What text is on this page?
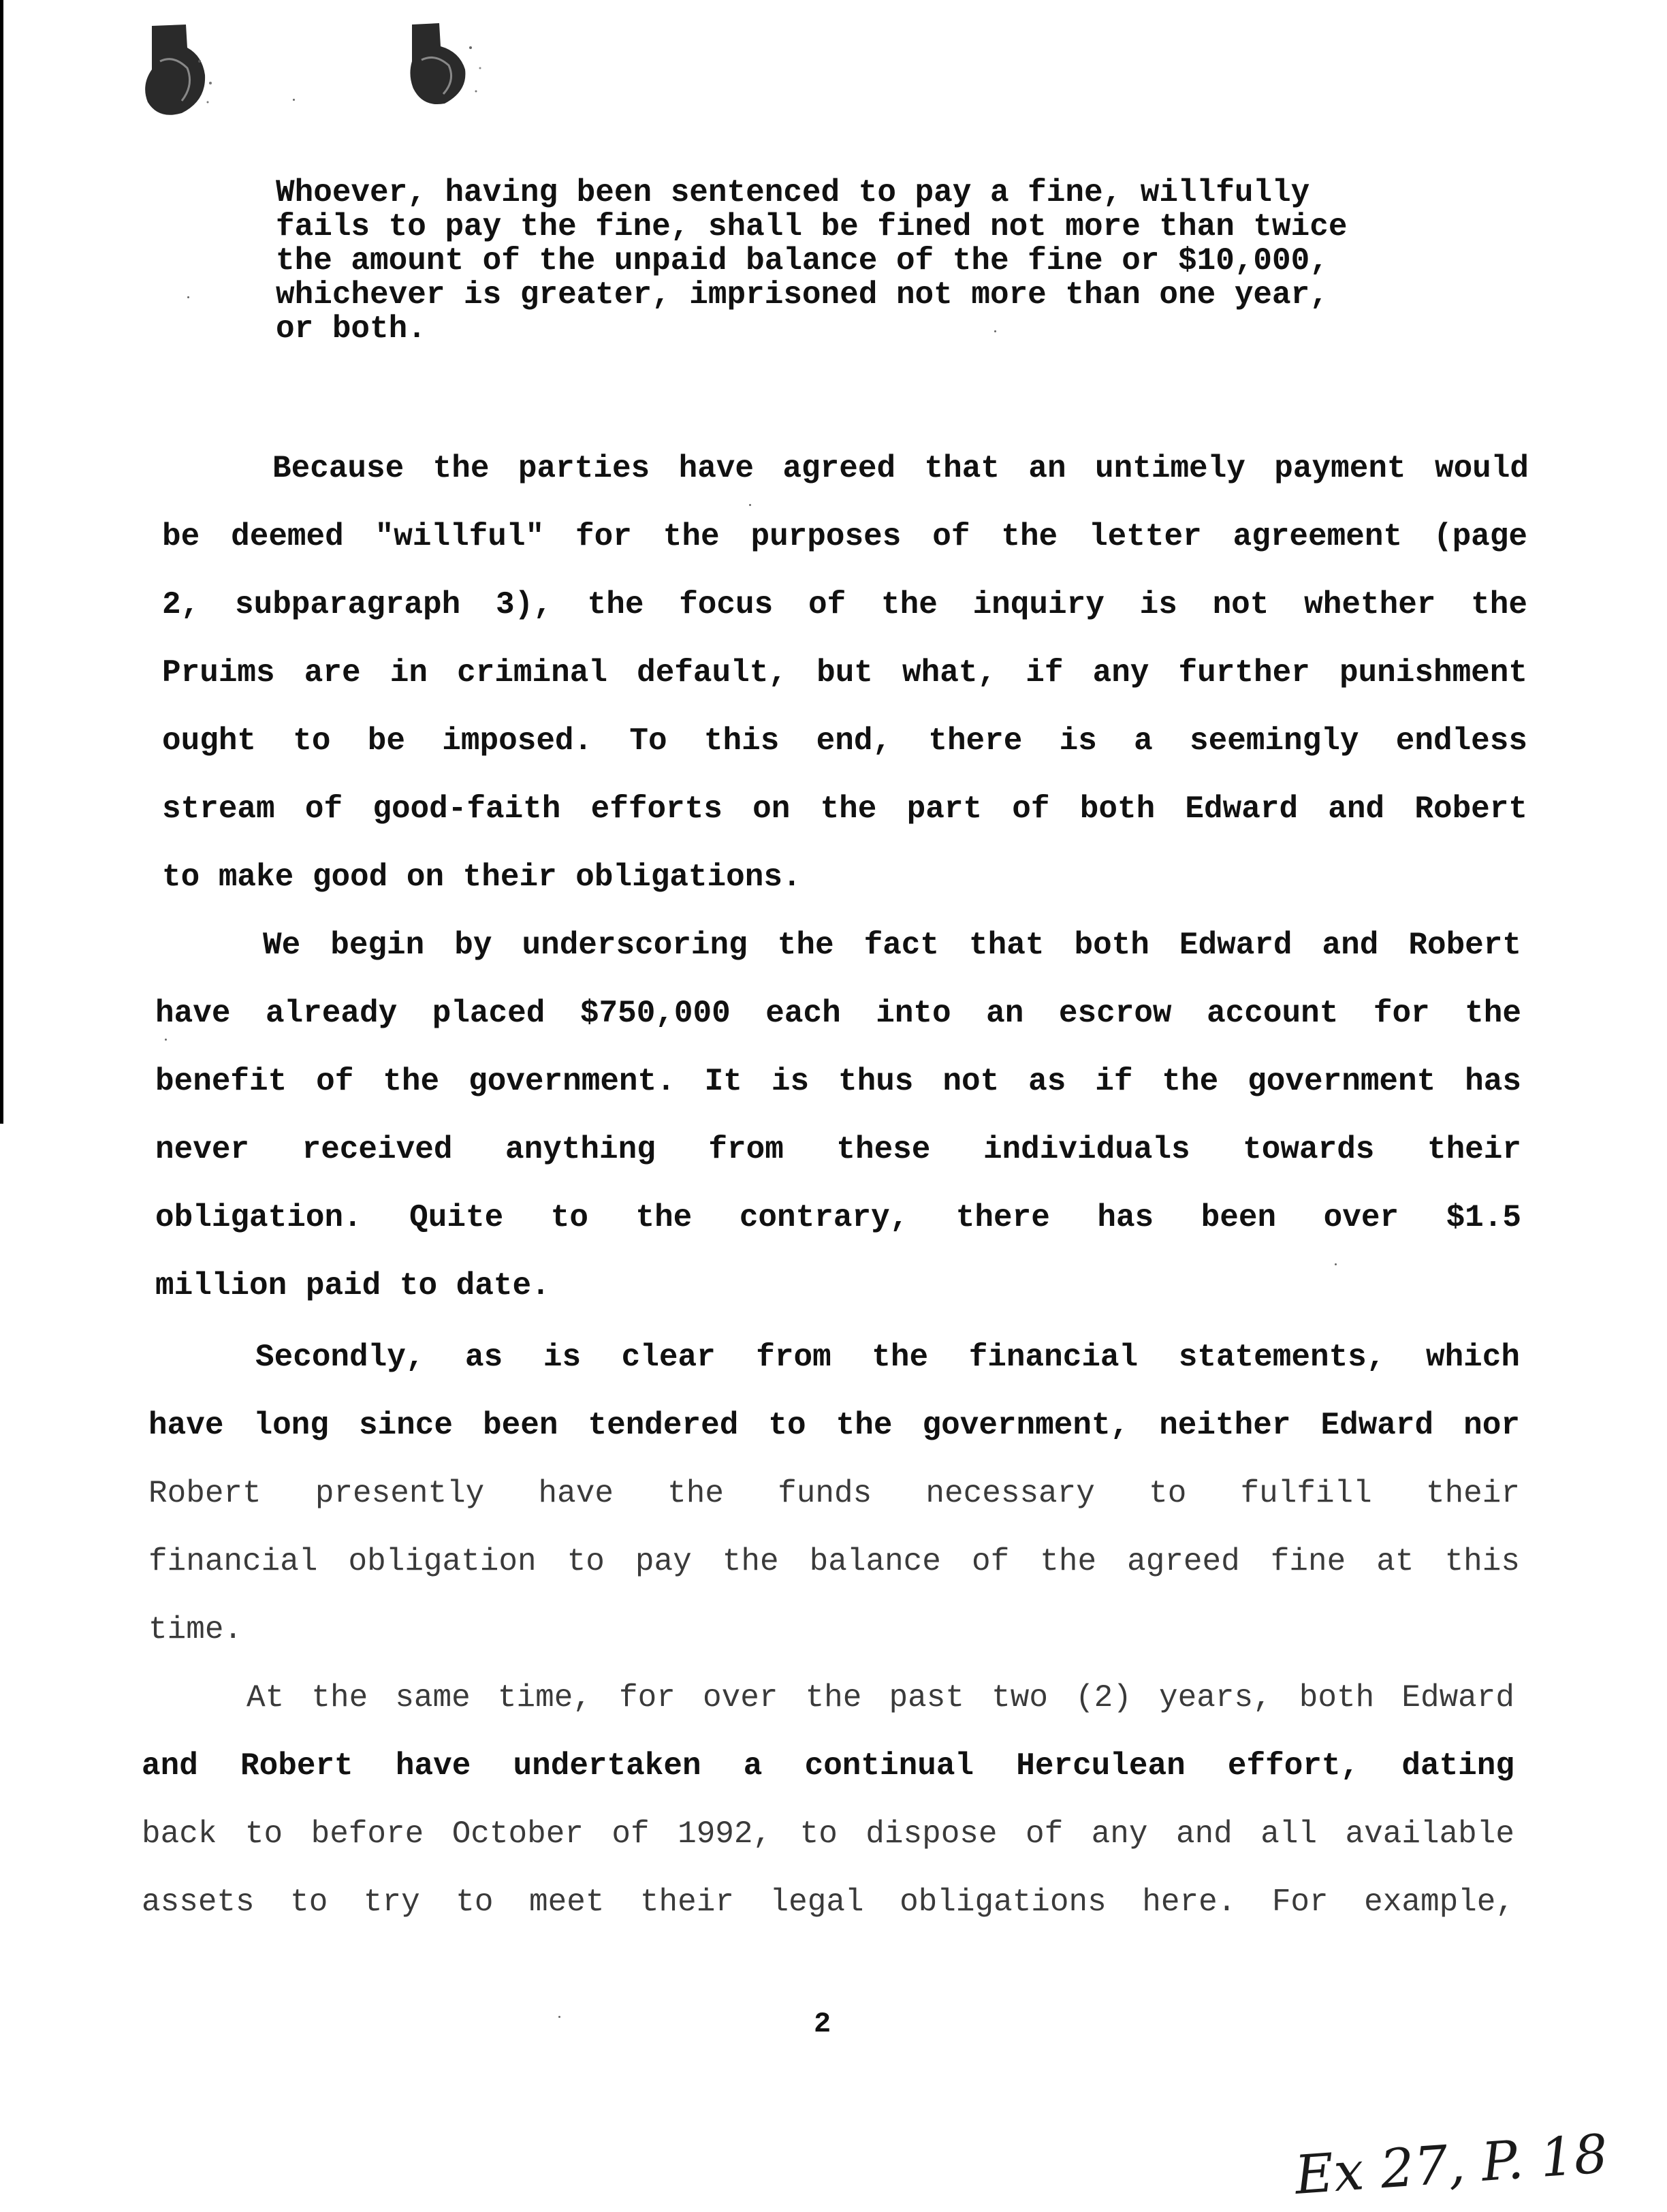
Whoever, having been sentenced to pay a fine, willfully
fails to pay the fine, shall be fined not more than twice
the amount of the unpaid balance of the fine or $10,000,
whichever is greater, imprisoned not more than one year,
or both.
Because the parties have agreed that an untimely payment would
be deemed "willful" for the purposes of the letter agreement (page
2, subparagraph 3), the focus of the inquiry is not whether the
Pruims are in criminal default, but what, if any further punishment
ought to be imposed. To this end, there is a seemingly endless
stream of good-faith efforts on the part of both Edward and Robert
to make good on their obligations.
We begin by underscoring the fact that both Edward and Robert
have already placed $750,000 each into an escrow account for the
benefit of the government. It is thus not as if the government has
never received anything from these individuals towards their
obligation. Quite to the contrary, there has been over $1.5
million paid to date.
Secondly, as is clear from the financial statements, which
have long since been tendered to the government, neither Edward nor
Robert presently have the funds necessary to fulfill their
financial obligation to pay the balance of the agreed fine at this
time.
At the same time, for over the past two (2) years, both Edward
and Robert have undertaken a continual Herculean effort, dating
back to before October of 1992, to dispose of any and all available
assets to try to meet their legal obligations here. For example,
2
Ex 27, P. 18
